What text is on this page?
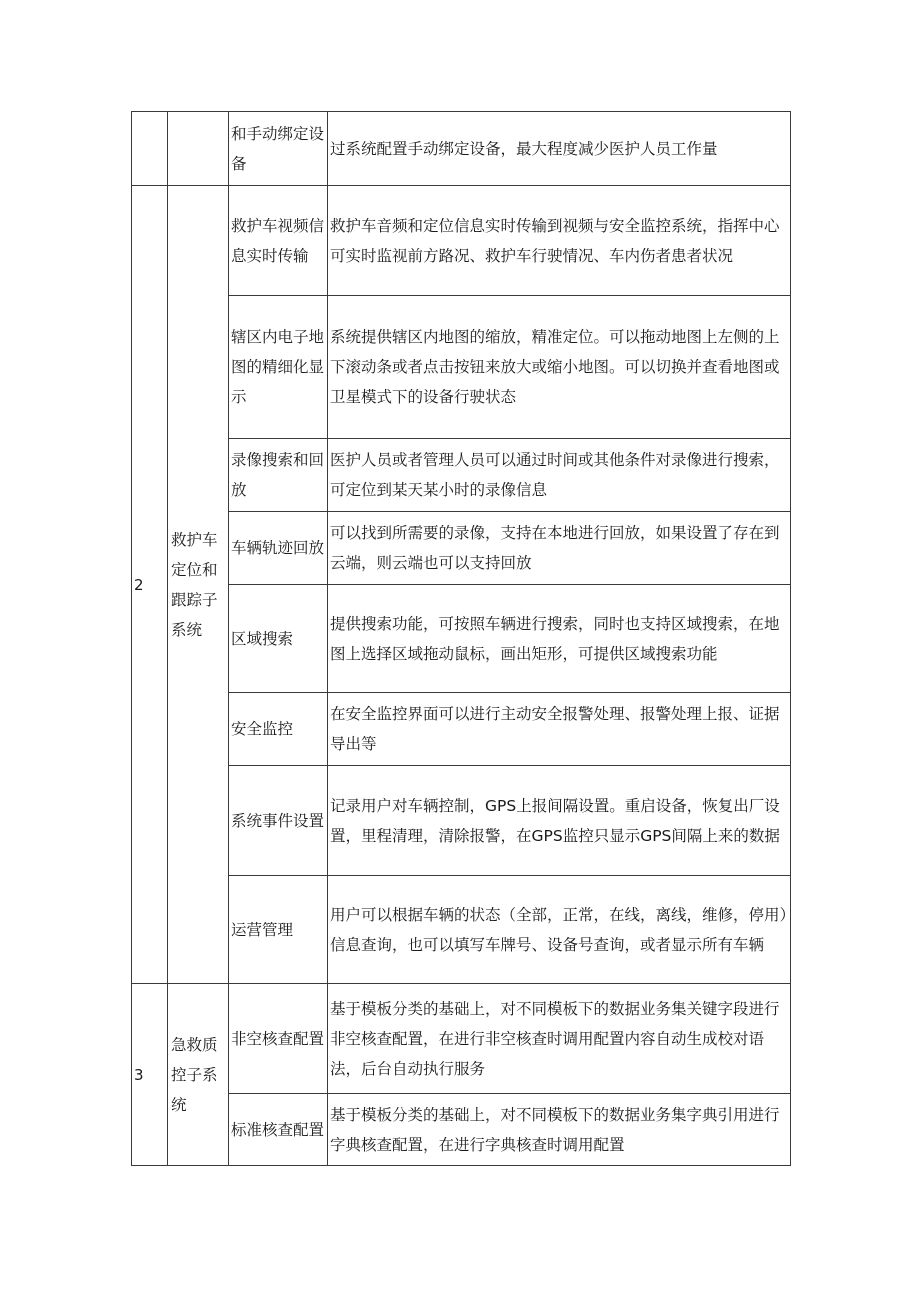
		和手动绑定设备	过系统配置手动绑定设备，最大程度减少医护人员工作量
2	救护车定位和跟踪子系统	救护车视频信息实时传输	救护车音频和定位信息实时传输到视频与安全监控系统，指挥中心可实时监视前方路况、救护车行驶情况、车内伤者患者状况
		辖区内电子地图的精细化显示	系统提供辖区内地图的缩放，精准定位。可以拖动地图上左侧的上下滚动条或者点击按钮来放大或缩小地图。可以切换并查看地图或卫星模式下的设备行驶状态
		录像搜索和回放	医护人员或者管理人员可以通过时间或其他条件对录像进行搜索，可定位到某天某小时的录像信息
		车辆轨迹回放	可以找到所需要的录像，支持在本地进行回放，如果设置了存在到云端，则云端也可以支持回放
		区域搜索	提供搜索功能，可按照车辆进行搜索，同时也支持区域搜索，在地图上选择区域拖动鼠标，画出矩形，可提供区域搜索功能
		安全监控	在安全监控界面可以进行主动安全报警处理、报警处理上报、证据导出等
		系统事件设置	记录用户对车辆控制，GPS上报间隔设置。重启设备，恢复出厂设置，里程清理，清除报警，在GPS监控只显示GPS间隔上来的数据
		运营管理	用户可以根据车辆的状态（全部，正常，在线，离线，维修，停用）信息查询，也可以填写车牌号、设备号查询，或者显示所有车辆
3	急救质控子系统	非空核查配置	基于模板分类的基础上，对不同模板下的数据业务集关键字段进行非空核查配置，在进行非空核查时调用配置内容自动生成校对语法，后台自动执行服务
		标准核查配置	基于模板分类的基础上，对不同模板下的数据业务集字典引用进行字典核查配置，在进行字典核查时调用配置
